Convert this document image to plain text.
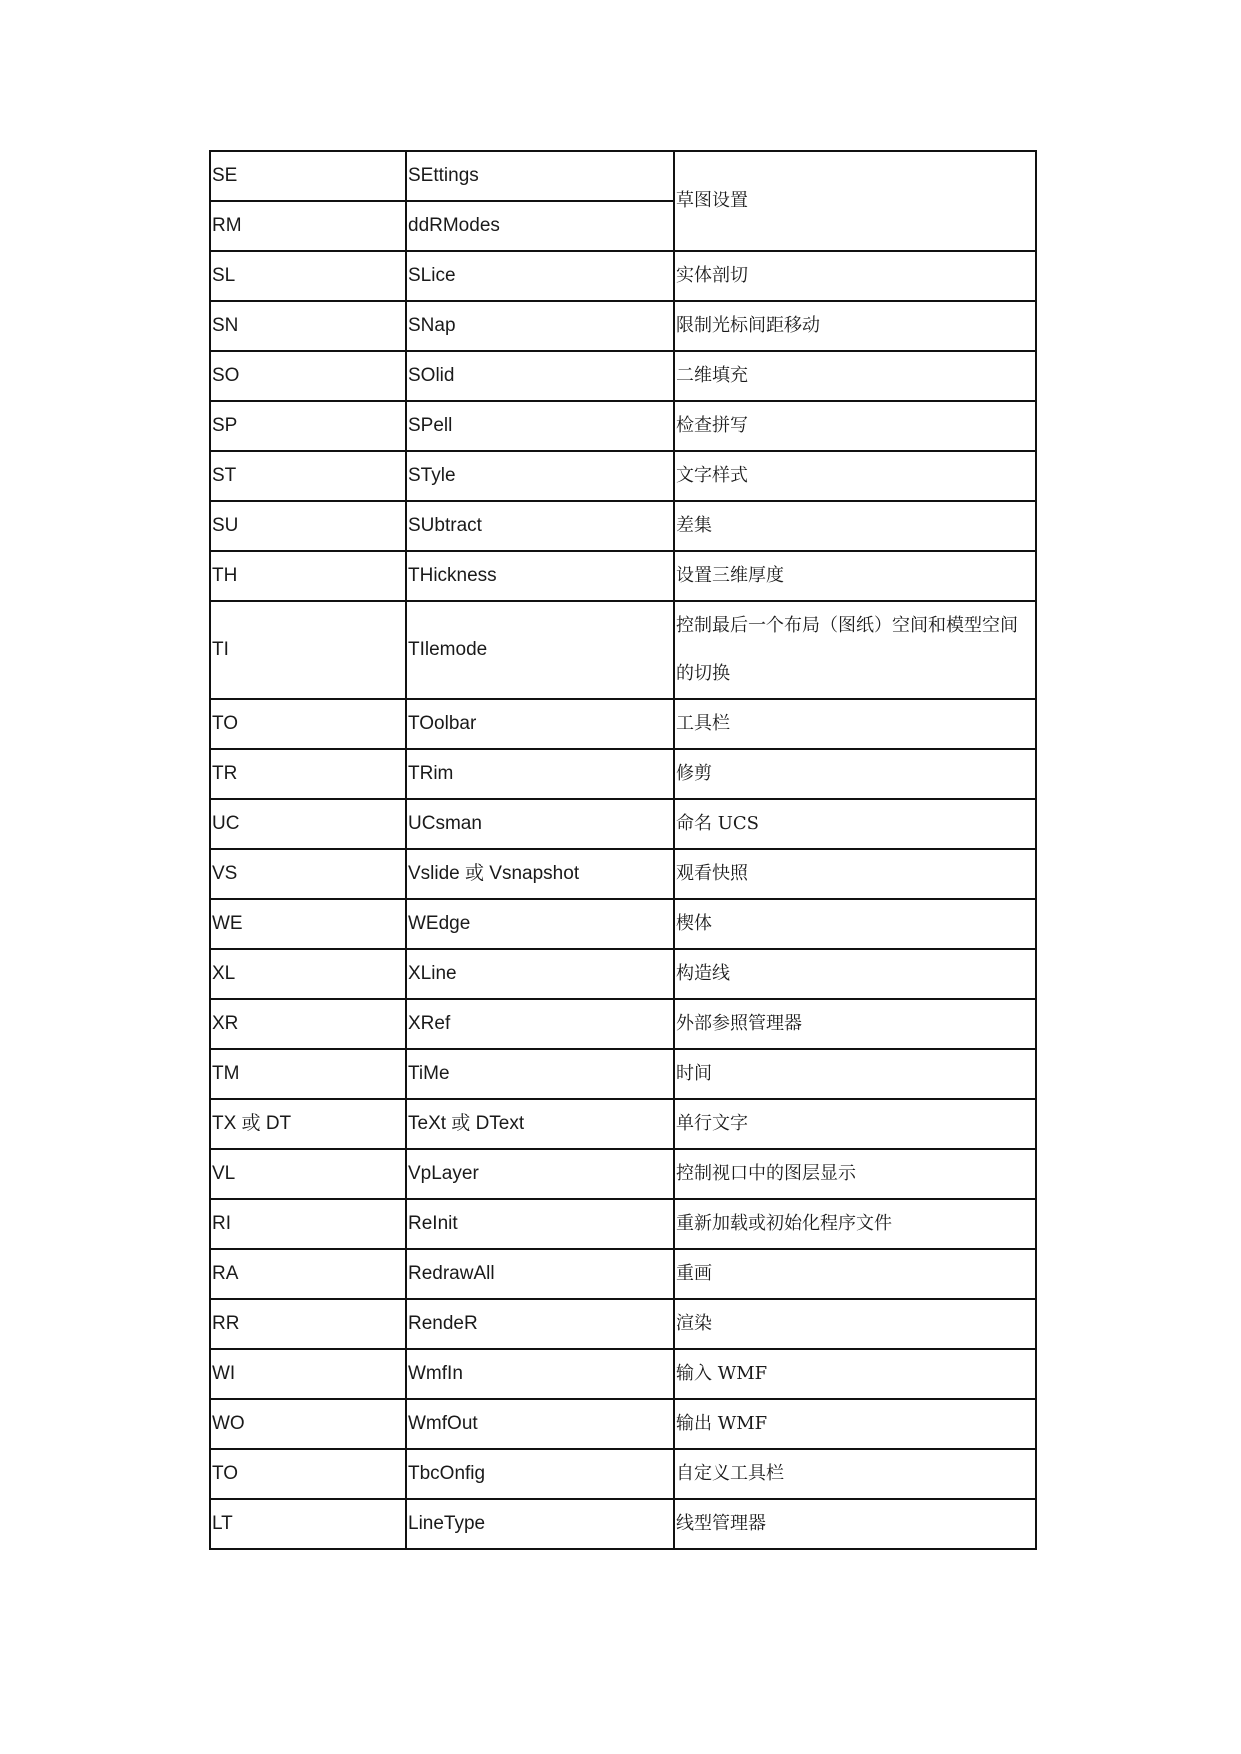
SE	SEttings	草图设置
RM	ddRModes	
SL	SLice	实体剖切
SN	SNap	限制光标间距移动
SO	SOlid	二维填充
SP	SPell	检查拼写
ST	STyle	文字样式
SU	SUbtract	差集
TH	THickness	设置三维厚度
TI	TIlemode	控制最后一个布局（图纸）空间和模型空间的切换
TO	TOolbar	工具栏
TR	TRim	修剪
UC	UCsman	命名 UCS
VS	Vslide 或 Vsnapshot	观看快照
WE	WEdge	楔体
XL	XLine	构造线
XR	XRef	外部参照管理器
TM	TiMe	时间
TX 或 DT	TeXt 或 DText	单行文字
VL	VpLayer	控制视口中的图层显示
RI	ReInit	重新加载或初始化程序文件
RA	RedrawAll	重画
RR	RendeR	渲染
WI	WmfIn	输入 WMF
WO	WmfOut	输出 WMF
TO	TbcOnfig	自定义工具栏
LT	LineType	线型管理器
